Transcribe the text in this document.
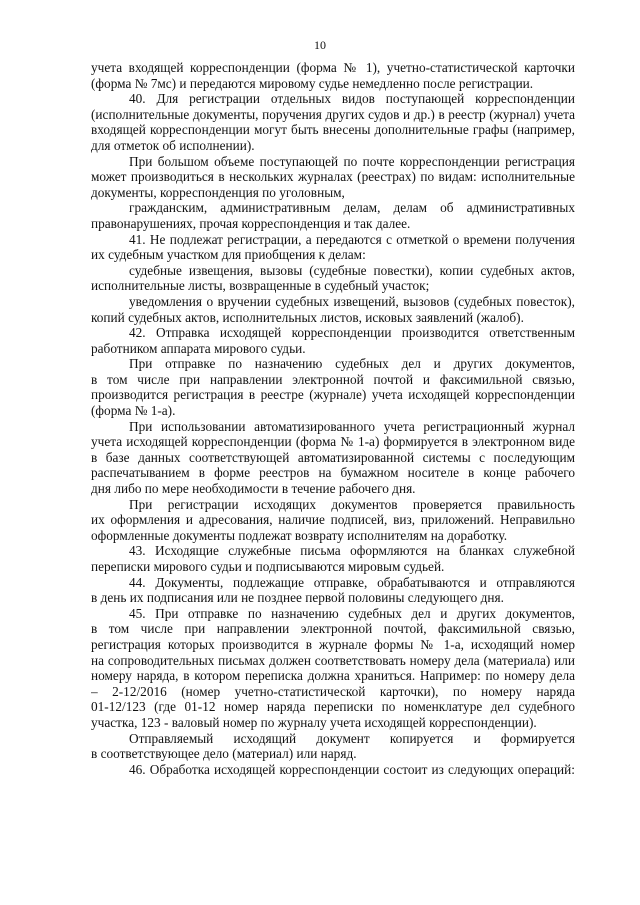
10
учета входящей корреспонденции (форма № 1), учетно-статистической карточки
(форма № 7мс) и передаются мировому судье немедленно после регистрации.
40. Для регистрации отдельных видов поступающей корреспонденции
(исполнительные документы, поручения других судов и др.) в реестр (журнал) учета
входящей корреспонденции могут быть внесены дополнительные графы (например,
для отметок об исполнении).
При большом объеме поступающей по почте корреспонденции регистрация
может производиться в нескольких журналах (реестрах) по видам: исполнительные
документы, корреспонденция по уголовным,
гражданским, административным делам, делам об административных
правонарушениях, прочая корреспонденция и так далее.
41. Не подлежат регистрации, а передаются с отметкой о времени получения
их судебным участком для приобщения к делам:
судебные извещения, вызовы (судебные повестки), копии судебных актов,
исполнительные листы, возвращенные в судебный участок;
уведомления о вручении судебных извещений, вызовов (судебных повесток),
копий судебных актов, исполнительных листов, исковых заявлений (жалоб).
42. Отправка исходящей корреспонденции производится ответственным
работником аппарата мирового судьи.
При отправке по назначению судебных дел и других документов,
в том числе при направлении электронной почтой и факсимильной связью,
производится регистрация в реестре (журнале) учета исходящей корреспонденции
(форма № 1-а).
При использовании автоматизированного учета регистрационный журнал
учета исходящей корреспонденции (форма № 1-а) формируется в электронном виде
в базе данных соответствующей автоматизированной системы с последующим
распечатыванием в форме реестров на бумажном носителе в конце рабочего
дня либо по мере необходимости в течение рабочего дня.
При регистрации исходящих документов проверяется правильность
их оформления и адресования, наличие подписей, виз, приложений. Неправильно
оформленные документы подлежат возврату исполнителям на доработку.
43. Исходящие служебные письма оформляются на бланках служебной
переписки мирового судьи и подписываются мировым судьей.
44. Документы, подлежащие отправке, обрабатываются и отправляются
в день их подписания или не позднее первой половины следующего дня.
45. При отправке по назначению судебных дел и других документов,
в том числе при направлении электронной почтой, факсимильной связью,
регистрация которых производится в журнале формы № 1-а, исходящий номер
на сопроводительных письмах должен соответствовать номеру дела (материала) или
номеру наряда, в котором переписка должна храниться. Например: по номеру дела
– 2-12/2016 (номер учетно-статистической карточки), по номеру наряда
01-12/123 (где 01-12 номер наряда переписки по номенклатуре дел судебного
участка, 123 - валовый номер по журналу учета исходящей корреспонденции).
Отправляемый исходящий документ копируется и формируется
в соответствующее дело (материал) или наряд.
46. Обработка исходящей корреспонденции состоит из следующих операций:
